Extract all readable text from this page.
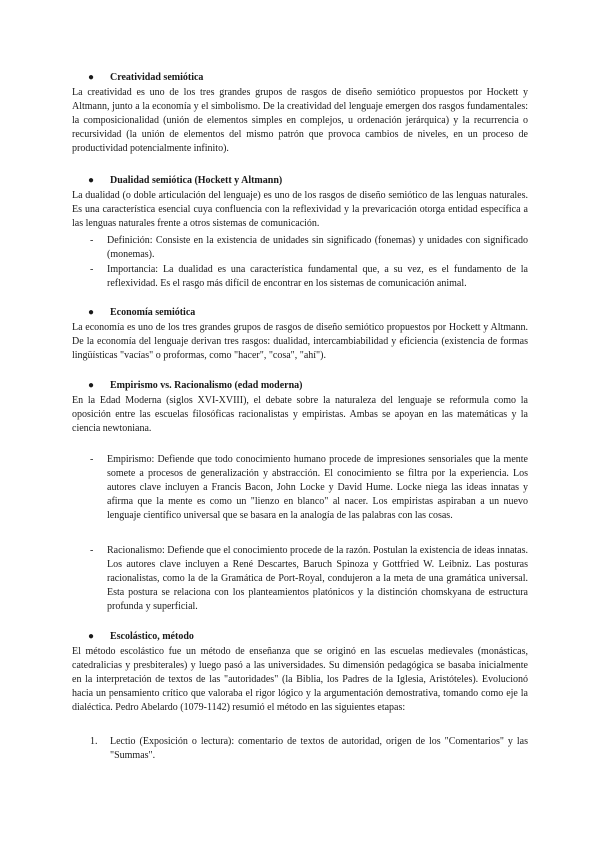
● Creatividad semiótica
La creatividad es uno de los tres grandes grupos de rasgos de diseño semiótico propuestos por Hockett y Altmann, junto a la economía y el simbolismo. De la creatividad del lenguaje emergen dos rasgos fundamentales: la composicionalidad (unión de elementos simples en complejos, u ordenación jerárquica) y la recurrencia o recursividad (la unión de elementos del mismo patrón que provoca cambios de niveles, en un proceso de productividad potencialmente infinito).
● Dualidad semiótica (Hockett y Altmann)
La dualidad (o doble articulación del lenguaje) es uno de los rasgos de diseño semiótico de las lenguas naturales. Es una característica esencial cuya confluencia con la reflexividad y la prevaricación otorga entidad específica a las lenguas naturales frente a otros sistemas de comunicación.
- Definición: Consiste en la existencia de unidades sin significado (fonemas) y unidades con significado (monemas).
- Importancia: La dualidad es una característica fundamental que, a su vez, es el fundamento de la reflexividad. Es el rasgo más difícil de encontrar en los sistemas de comunicación animal.
● Economía semiótica
La economía es uno de los tres grandes grupos de rasgos de diseño semiótico propuestos por Hockett y Altmann. De la economía del lenguaje derivan tres rasgos: dualidad, intercambiabilidad y eficiencia (existencia de formas lingüísticas "vacías" o proformas, como "hacer", "cosa", "ahí").
● Empirismo vs. Racionalismo (edad moderna)
En la Edad Moderna (siglos XVI-XVIII), el debate sobre la naturaleza del lenguaje se reformula como la oposición entre las escuelas filosóficas racionalistas y empiristas. Ambas se apoyan en las matemáticas y la ciencia newtoniana.
- Empirismo: Defiende que todo conocimiento humano procede de impresiones sensoriales que la mente somete a procesos de generalización y abstracción. El conocimiento se filtra por la experiencia. Los autores clave incluyen a Francis Bacon, John Locke y David Hume. Locke niega las ideas innatas y afirma que la mente es como un "lienzo en blanco" al nacer. Los empiristas aspiraban a un nuevo lenguaje científico universal que se basara en la analogía de las palabras con las cosas.
- Racionalismo: Defiende que el conocimiento procede de la razón. Postulan la existencia de ideas innatas. Los autores clave incluyen a René Descartes, Baruch Spinoza y Gottfried W. Leibniz. Las posturas racionalistas, como la de la Gramática de Port-Royal, condujeron a la meta de una gramática universal. Esta postura se relaciona con los planteamientos platónicos y la distinción chomskyana de estructura profunda y superficial.
● Escolástico, método
El método escolástico fue un método de enseñanza que se originó en las escuelas medievales (monásticas, catedralicias y presbiterales) y luego pasó a las universidades. Su dimensión pedagógica se basaba inicialmente en la interpretación de textos de las "autoridades" (la Biblia, los Padres de la Iglesia, Aristóteles). Evolucionó hacia un pensamiento crítico que valoraba el rigor lógico y la argumentación demostrativa, tomando como eje la dialéctica. Pedro Abelardo (1079-1142) resumió el método en las siguientes etapas:
1. Lectio (Exposición o lectura): comentario de textos de autoridad, origen de los "Comentarios" y las "Summas".
